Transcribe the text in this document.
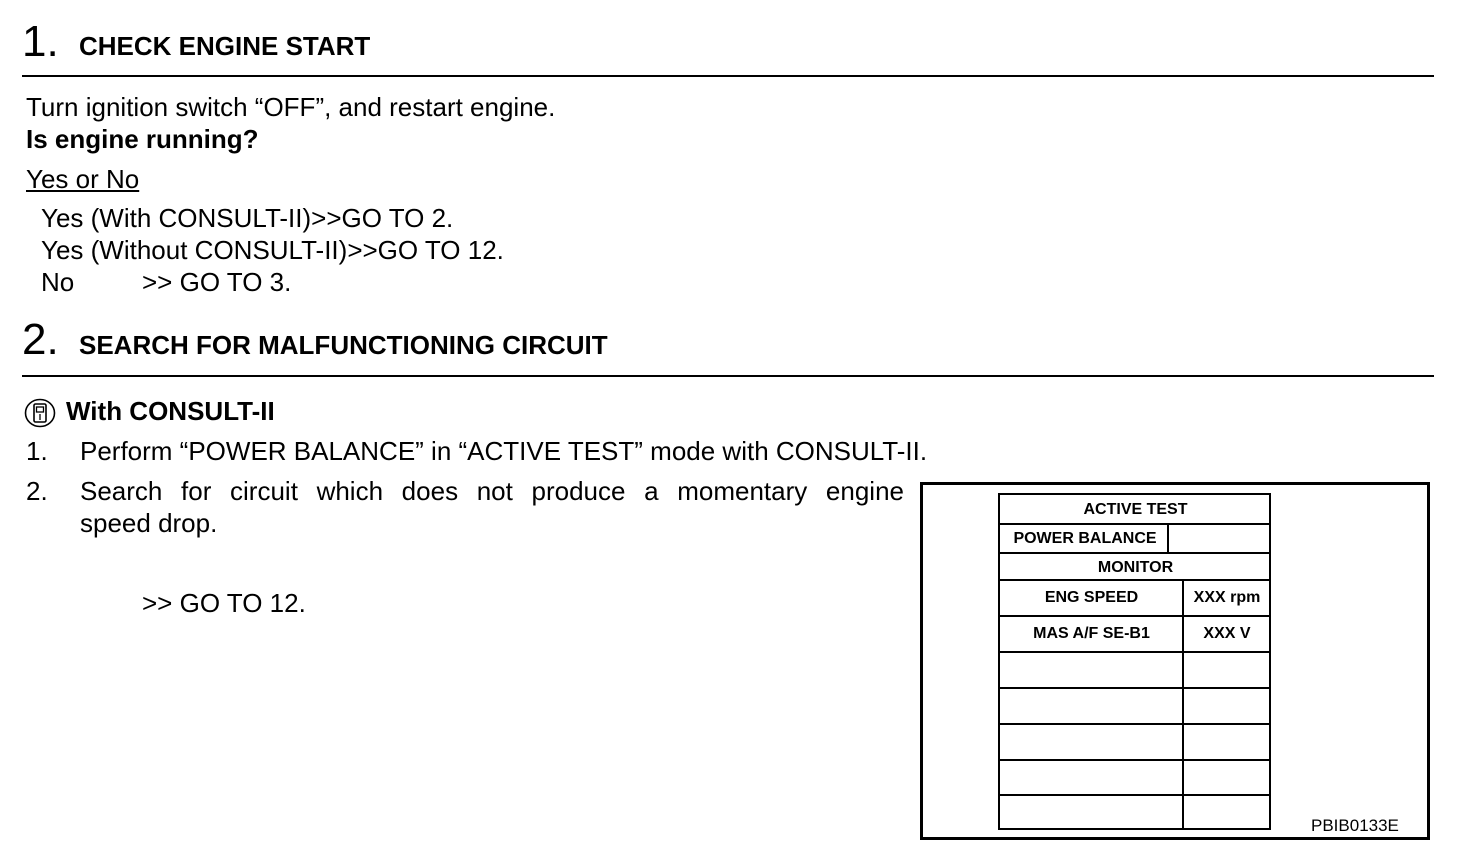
1. CHECK ENGINE START
Turn ignition switch “OFF”, and restart engine.
Is engine running?
Yes or No
Yes (With CONSULT-II)>>GO TO 2.
Yes (Without CONSULT-II)>>GO TO 12.
No	>> GO TO 3.
2. SEARCH FOR MALFUNCTIONING CIRCUIT
With CONSULT-II
1. Perform “POWER BALANCE” in “ACTIVE TEST” mode with CONSULT-II.
2. Search for circuit which does not produce a momentary engine
speed drop.
>> GO TO 12.
ACTIVE TEST
POWER BALANCE
MONITOR
ENG SPEED	XXX rpm
MAS A/F SE-B1	XXX V
PBIB0133E
